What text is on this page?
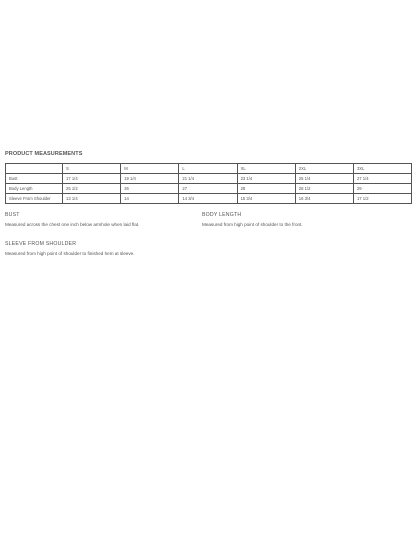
PRODUCT MEASUREMENTS
	S	M	L	XL	2XL	3XL
Bust	17 1/4	19 1/4	21 1/4	23 1/4	25 1/4	27 1/4
Body Length	25 1/2	26	27	28	28 1/2	29
Sleeve From Shoulder	13 1/4	14	14 3/4	15 3/4	16 3/4	17 1/2
BUST
Measured across the chest one inch below armhole when laid flat.
BODY LENGTH
Measured from high point of shoulder to the front.
SLEEVE FROM SHOULDER
Measured from high point of shoulder to finished hem at sleeve.
